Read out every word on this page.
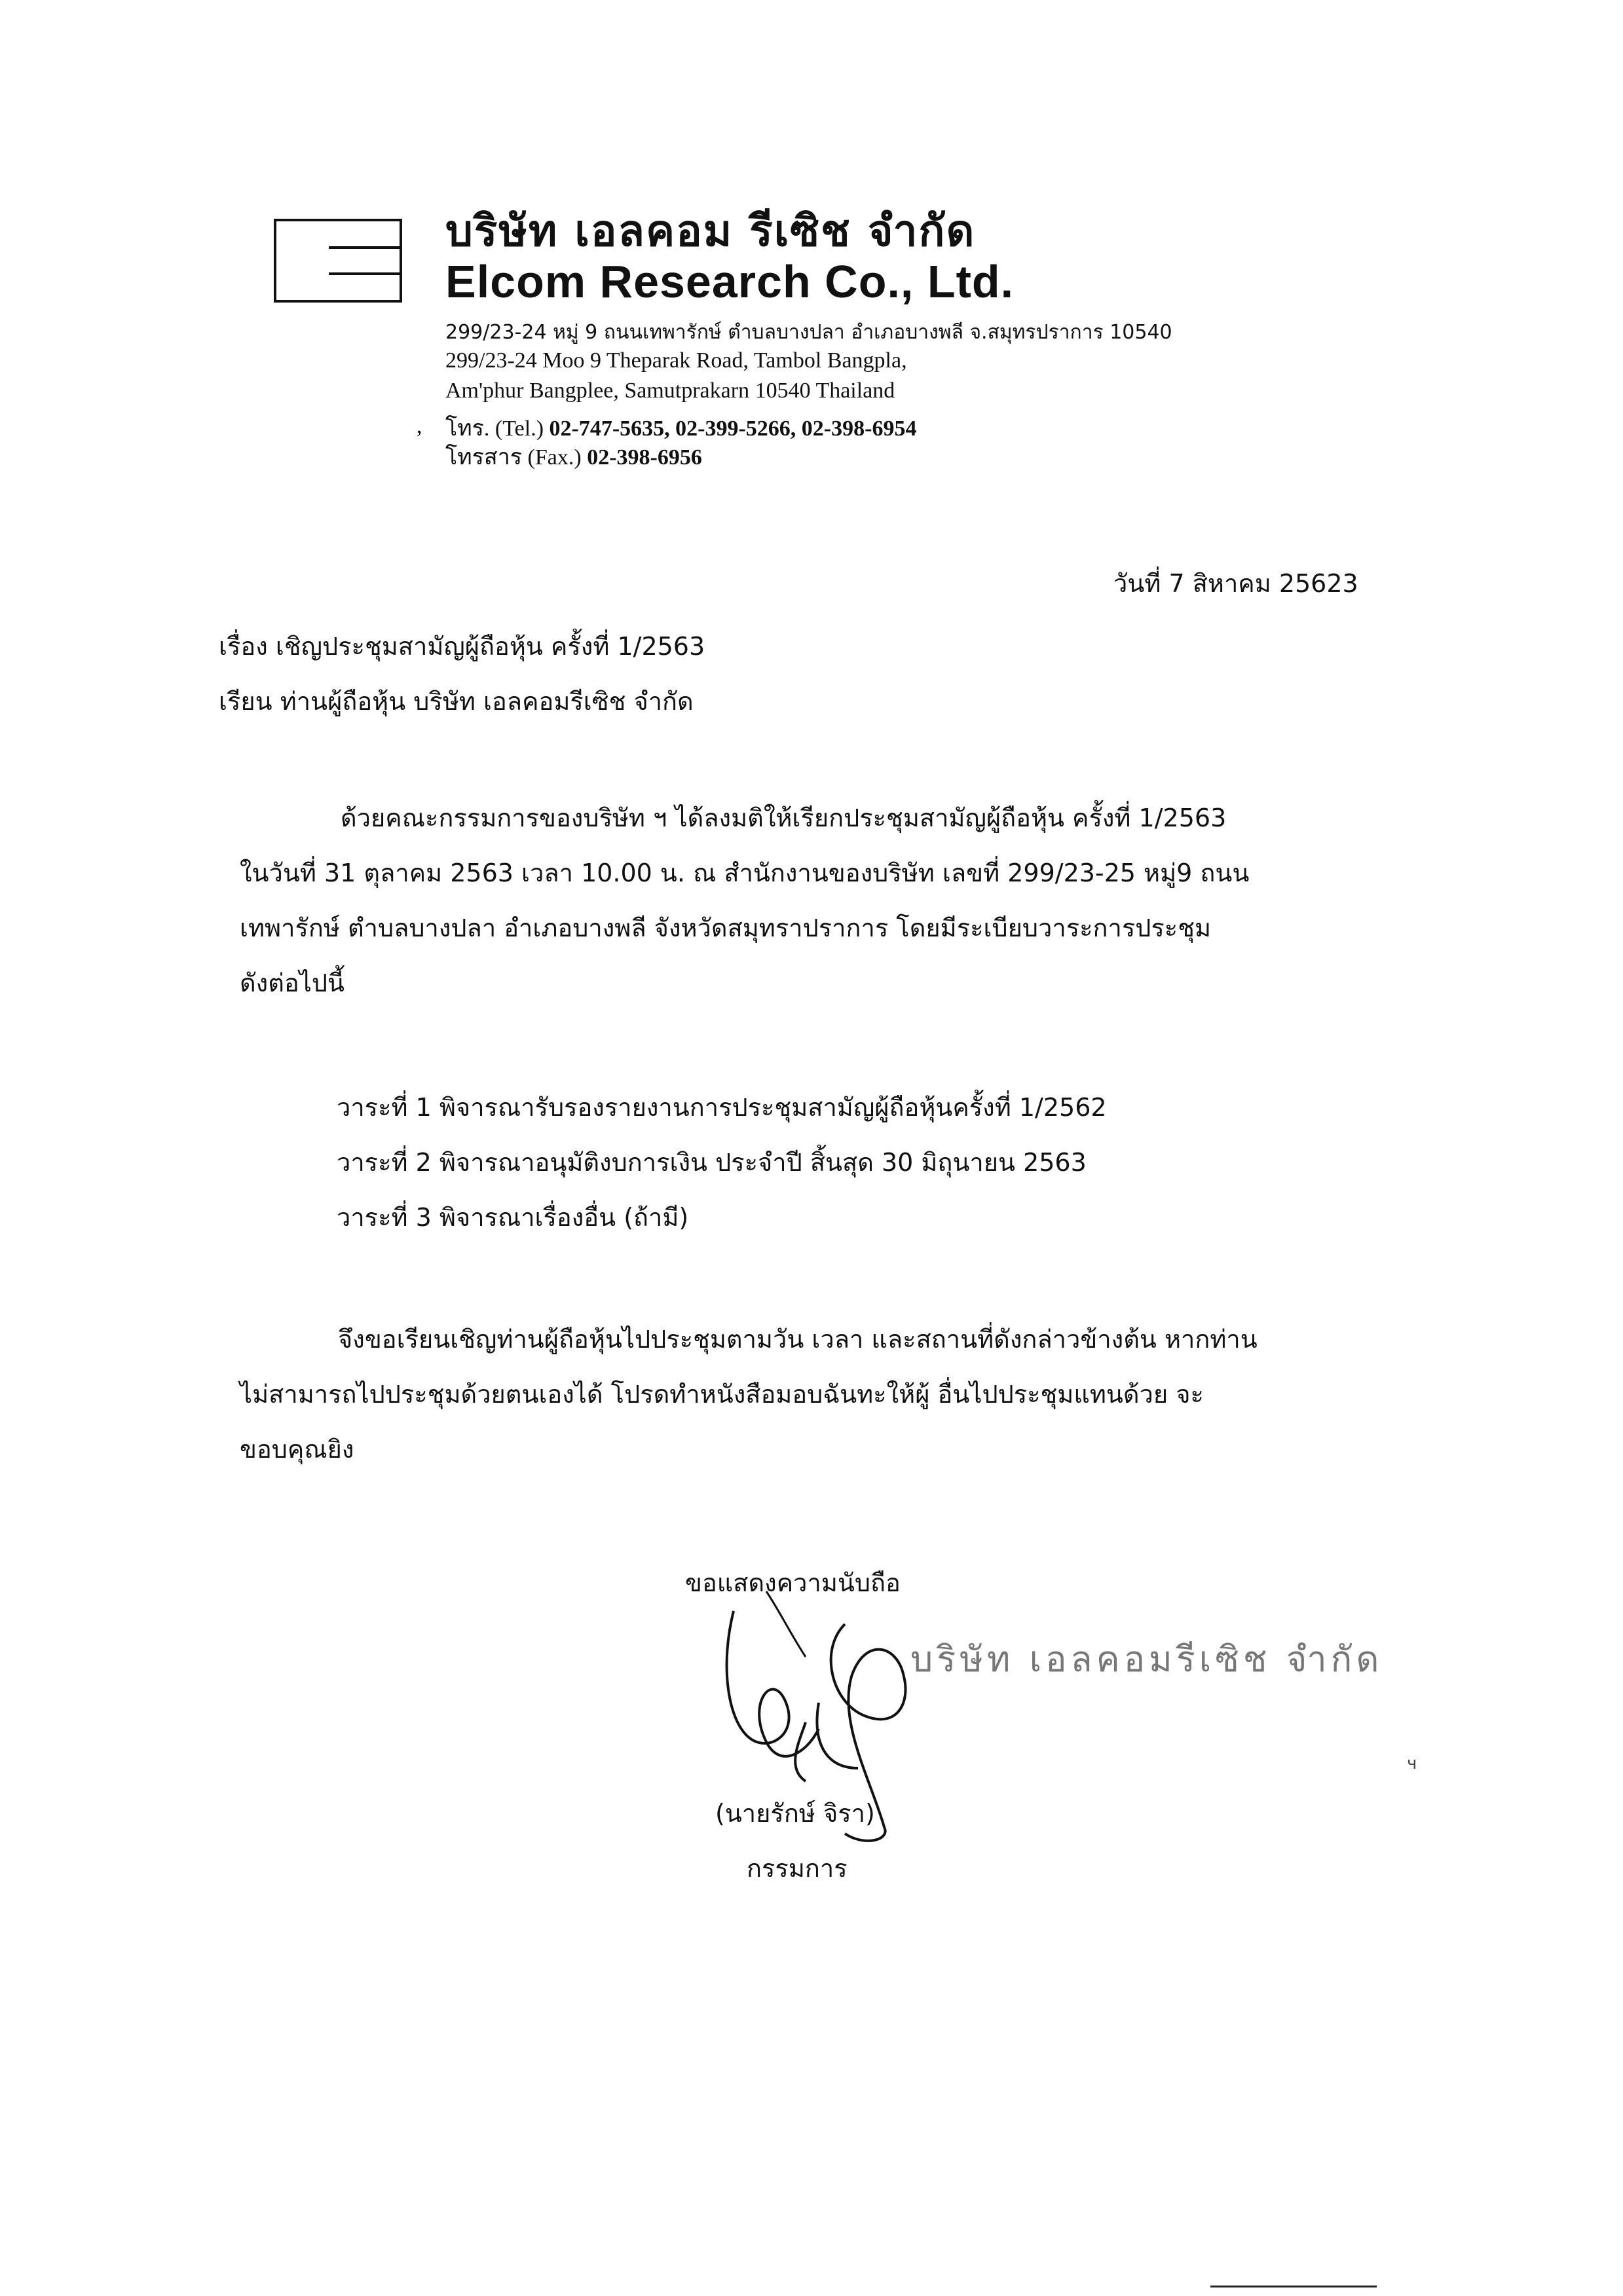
บริษัท เอลคอม รีเซิช จำกัด
Elcom Research Co., Ltd.
299/23-24 หมู่ 9 ถนนเทพารักษ์ ตำบลบางปลา อำเภอบางพลี จ.สมุทรปราการ 10540
299/23-24 Moo 9 Theparak Road, Tambol Bangpla,
Am'phur Bangplee, Samutprakarn 10540 Thailand
, โทร. (Tel.) 02-747-5635, 02-399-5266, 02-398-6954
โทรสาร (Fax.) 02-398-6956
วันที่ 7 สิหาคม 25623
เรื่อง เชิญประชุมสามัญผู้ถือหุ้น ครั้งที่ 1/2563
เรียน ท่านผู้ถือหุ้น บริษัท เอลคอมรีเซิช จำกัด
ด้วยคณะกรรมการของบริษัท ฯ ได้ลงมติให้เรียกประชุมสามัญผู้ถือหุ้น ครั้งที่ 1/2563
ในวันที่ 31 ตุลาคม 2563 เวลา 10.00 น. ณ สำนักงานของบริษัท เลขที่ 299/23-25 หมู่9 ถนน
เทพารักษ์ ตำบลบางปลา อำเภอบางพลี จังหวัดสมุทราปราการ โดยมีระเบียบวาระการประชุม
ดังต่อไปนี้
วาระที่ 1 พิจารณารับรองรายงานการประชุมสามัญผู้ถือหุ้นครั้งที่ 1/2562
วาระที่ 2 พิจารณาอนุมัติงบการเงิน ประจำปี สิ้นสุด 30 มิถุนายน 2563
วาระที่ 3 พิจารณาเรื่องอื่น (ถ้ามี)
จึงขอเรียนเชิญท่านผู้ถือหุ้นไปประชุมตามวัน เวลา และสถานที่ดังกล่าวข้างต้น หากท่าน
ไม่สามารถไปประชุมด้วยตนเองได้ โปรดทำหนังสือมอบฉันทะให้ผู้ อื่นไปประชุมแทนด้วย จะ
ขอบคุณยิง
ขอแสดงความนับถือ
บริษัท เอลคอมรีเซิช จำกัด
(นายรักษ์ จิรา)
กรรมการ
ч
